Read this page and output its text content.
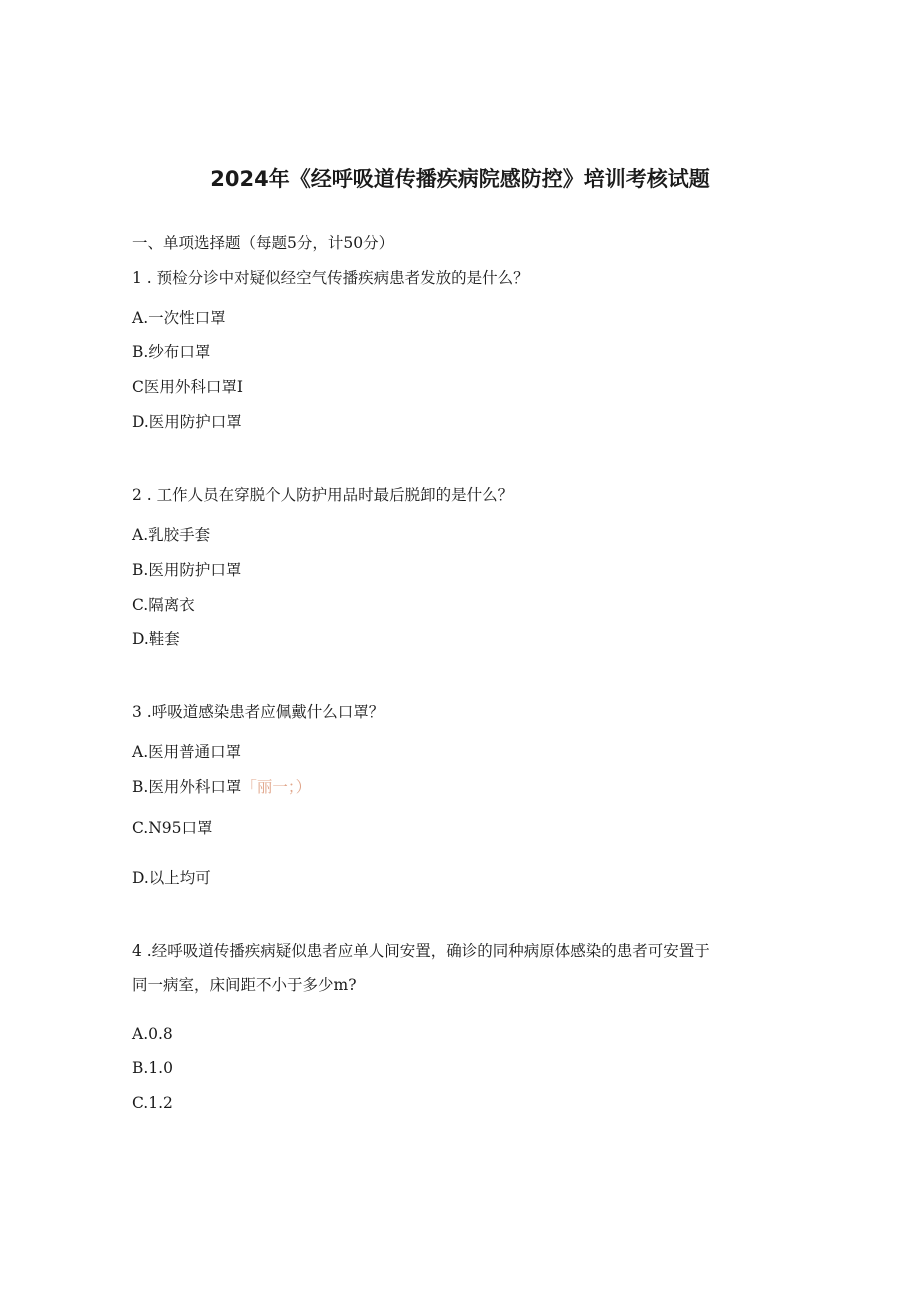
2024年《经呼吸道传播疾病院感防控》培训考核试题
一、单项选择题（每题5分，计50分）
1 . 预检分诊中对疑似经空气传播疾病患者发放的是什么？
A.一次性口罩
B.纱布口罩
C医用外科口罩I
D.医用防护口罩
2 . 工作人员在穿脱个人防护用品时最后脱卸的是什么？
A.乳胶手套
B.医用防护口罩
C.隔离衣
D.鞋套
3 .呼吸道感染患者应佩戴什么口罩？
A.医用普通口罩
B.医用外科口罩「丽一；）
C.N95口罩
D.以上均可
4 .经呼吸道传播疾病疑似患者应单人间安置，确诊的同种病原体感染的患者可安置于
同一病室，床间距不小于多少m?
A.0.8
B.1.0
C.1.2
